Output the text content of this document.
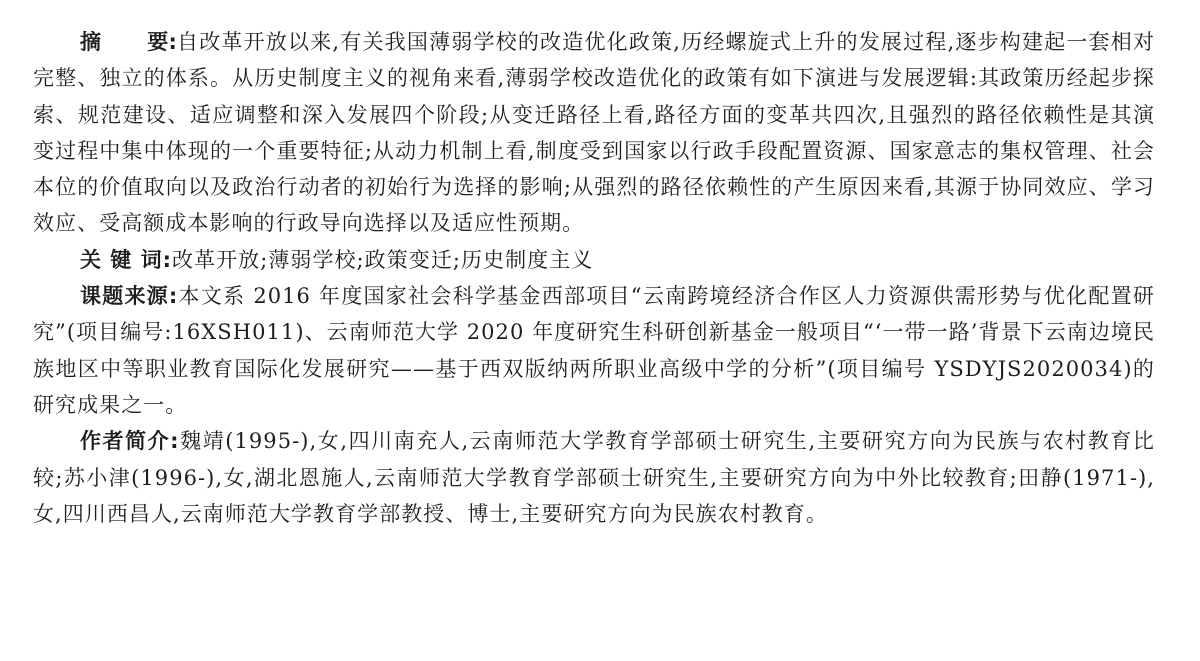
摘 要:自改革开放以来,有关我国薄弱学校的改造优化政策,历经螺旋式上升的发展过程,逐步构建起一套相对完整、独立的体系。从历史制度主义的视角来看,薄弱学校改造优化的政策有如下演进与发展逻辑:其政策历经起步探索、规范建设、适应调整和深入发展四个阶段;从变迁路径上看,路径方面的变革共四次,且强烈的路径依赖性是其演变过程中集中体现的一个重要特征;从动力机制上看,制度受到国家以行政手段配置资源、国家意志的集权管理、社会本位的价值取向以及政治行动者的初始行为选择的影响;从强烈的路径依赖性的产生原因来看,其源于协同效应、学习效应、受高额成本影响的行政导向选择以及适应性预期。

关 键 词:改革开放;薄弱学校;政策变迁;历史制度主义

课题来源:本文系 2016 年度国家社会科学基金西部项目“云南跨境经济合作区人力资源供需形势与优化配置研究”(项目编号:16XSH011)、云南师范大学 2020 年度研究生科研创新基金一般项目“‘一带一路’背景下云南边境民族地区中等职业教育国际化发展研究——基于西双版纳两所职业高级中学的分析”(项目编号 YSDYJS2020034)的研究成果之一。

作者简介:魏靖(1995-),女,四川南充人,云南师范大学教育学部硕士研究生,主要研究方向为民族与农村教育比较;苏小津(1996-),女,湖北恩施人,云南师范大学教育学部硕士研究生,主要研究方向为中外比较教育;田静(1971-),女,四川西昌人,云南师范大学教育学部教授、博士,主要研究方向为民族农村教育。
